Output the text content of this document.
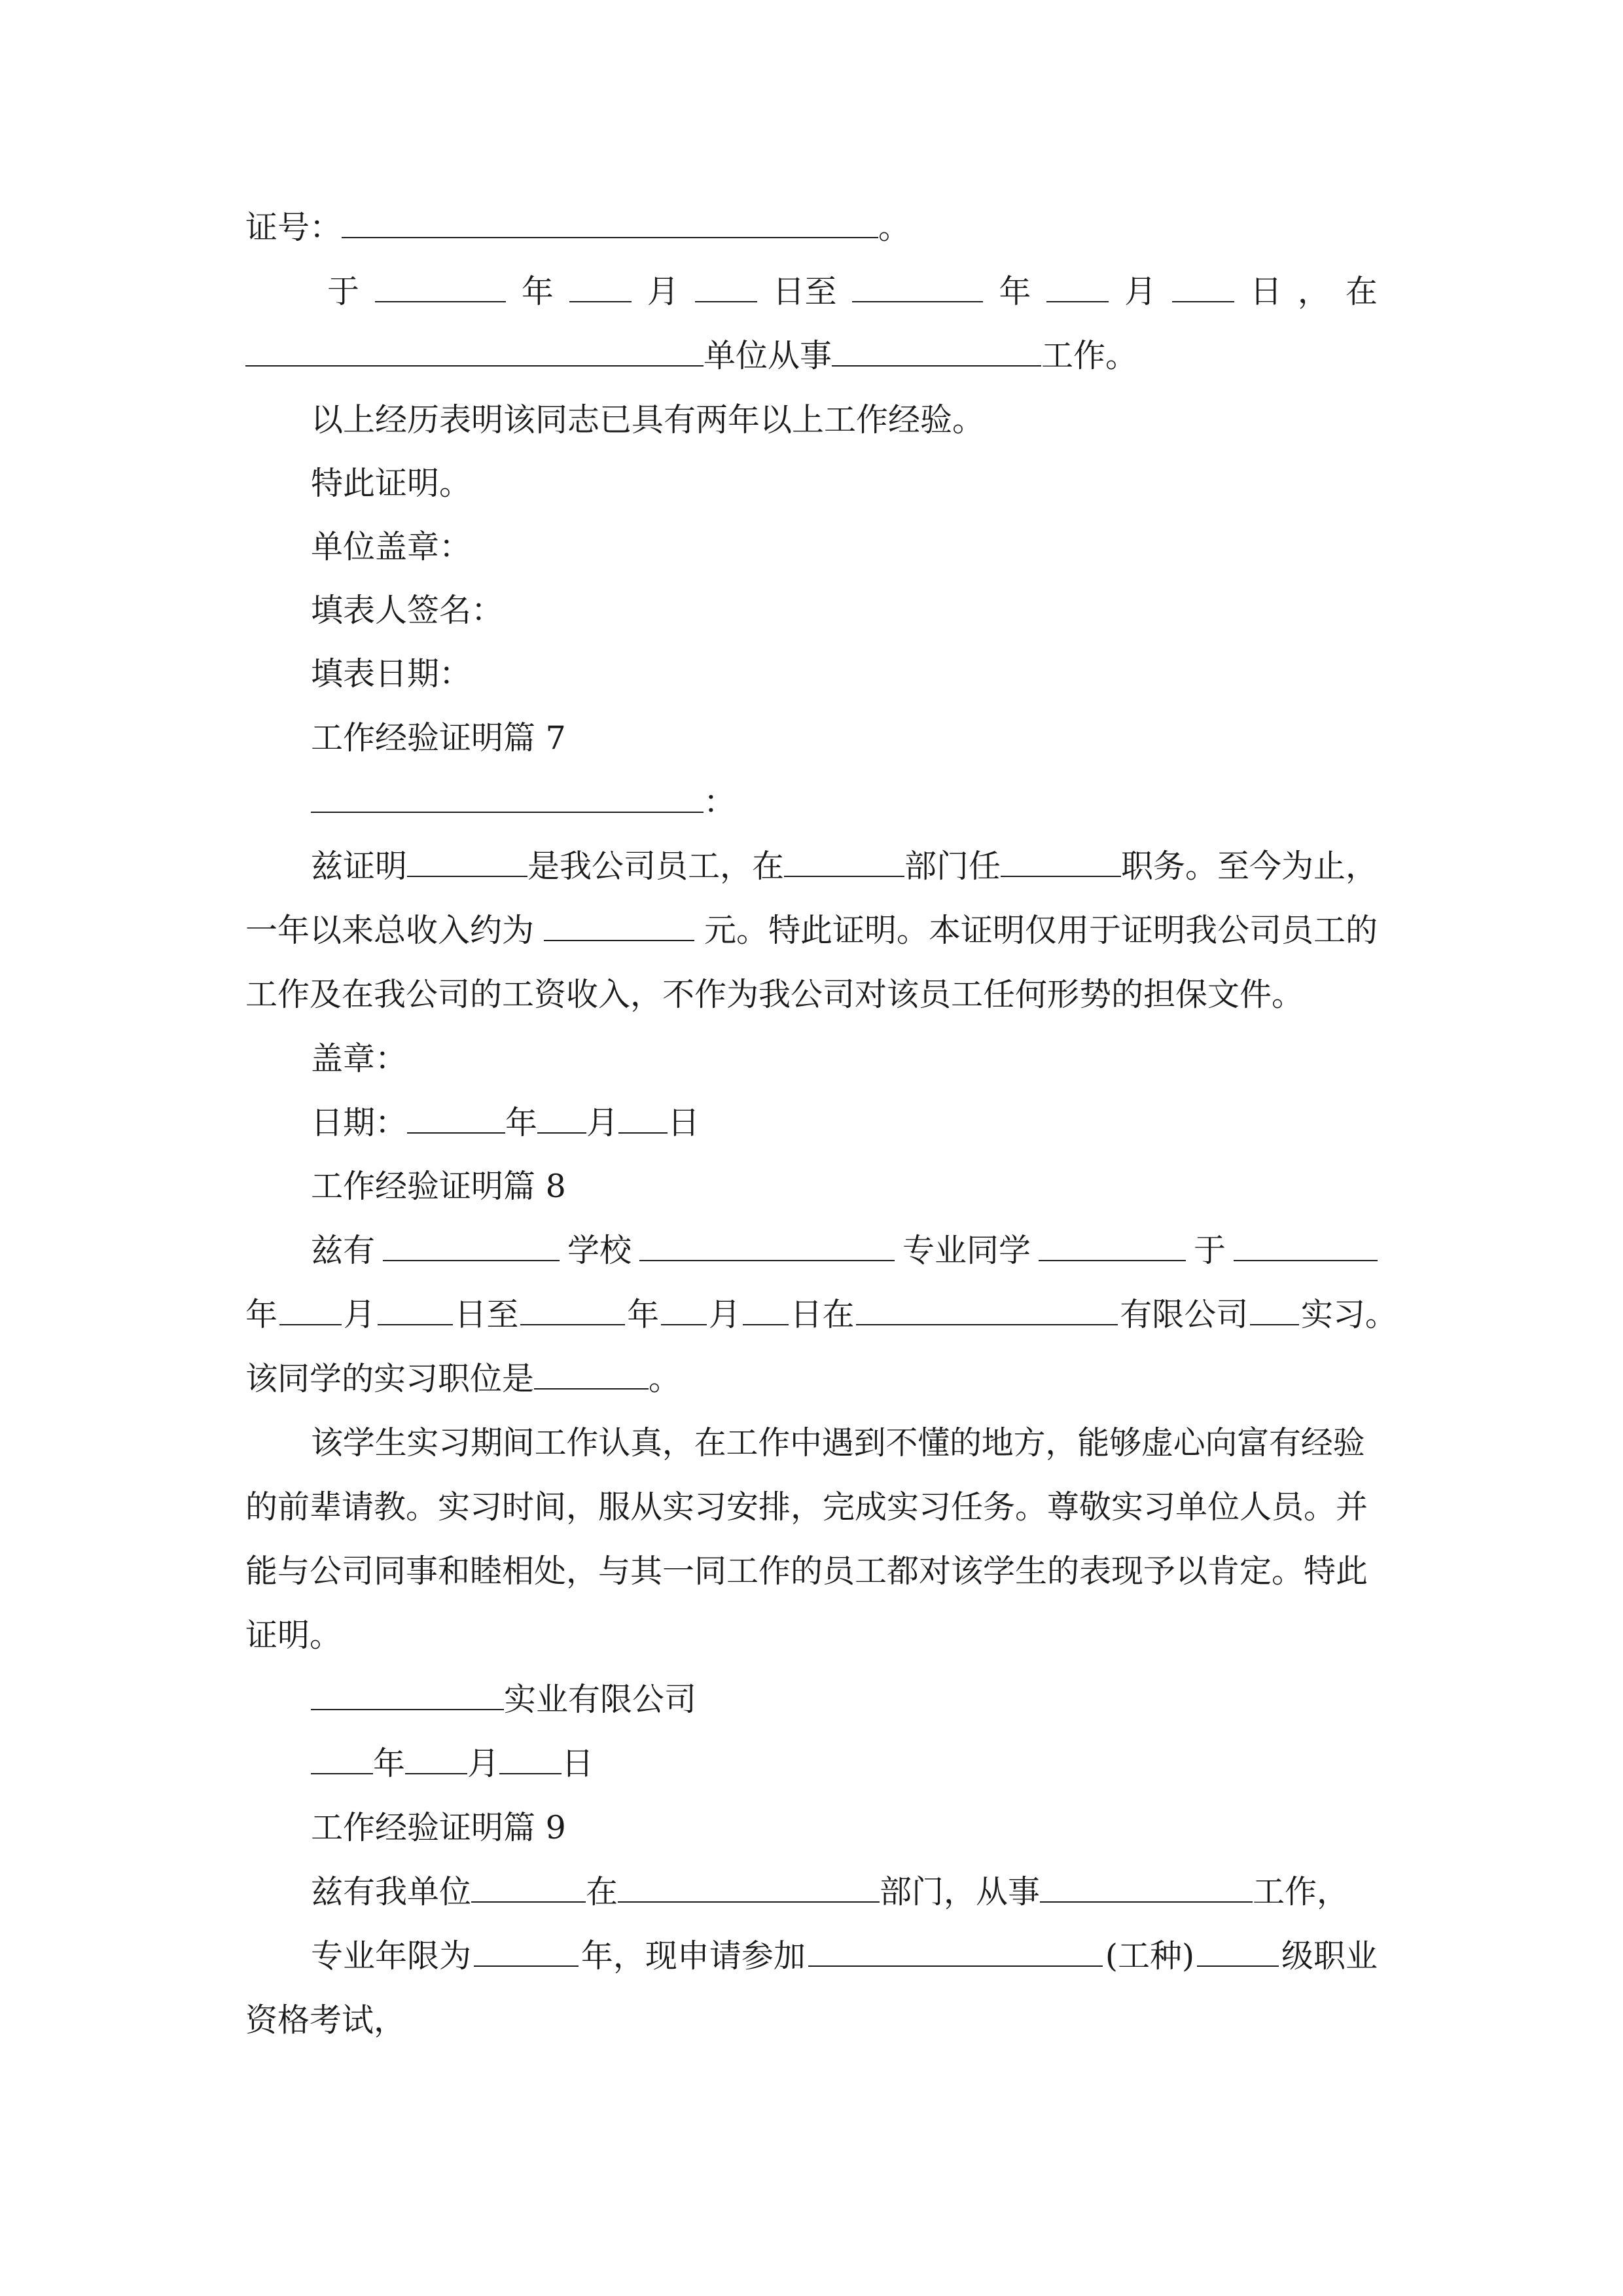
证号：	。
于	年	月	日至	年	月	日 ， 在
单位从事	工作。
以上经历表明该同志已具有两年以上工作经验。
特此证明。
单位盖章：
填表人签名：
填表日期：
工作经验证明篇 7
：
兹证明	是我公司员工，在	部门任	职务。至今为止，
一年以来总收入约为	元。特此证明。本证明仅用于证明我公司员工的
工作及在我公司的工资收入，不作为我公司对该员工任何形势的担保文件。
盖章：
日期：	年 月 日
工作经验证明篇 8
兹有	学校	专业同学	于
年 月 日至	年 月 日在	有限公司 实习。
该同学的实习职位是	。
该学生实习期间工作认真，在工作中遇到不懂的地方，能够虚心向富有经验
的前辈请教。实习时间，服从实习安排，完成实习任务。尊敬实习单位人员。并
能与公司同事和睦相处，与其一同工作的员工都对该学生的表现予以肯定。特此
证明。
实业有限公司
年 月 日
工作经验证明篇 9
兹有我单位	在	部门，从事	工作，
专业年限为	年，现申请参加	(工种)	级职业
资格考试，
